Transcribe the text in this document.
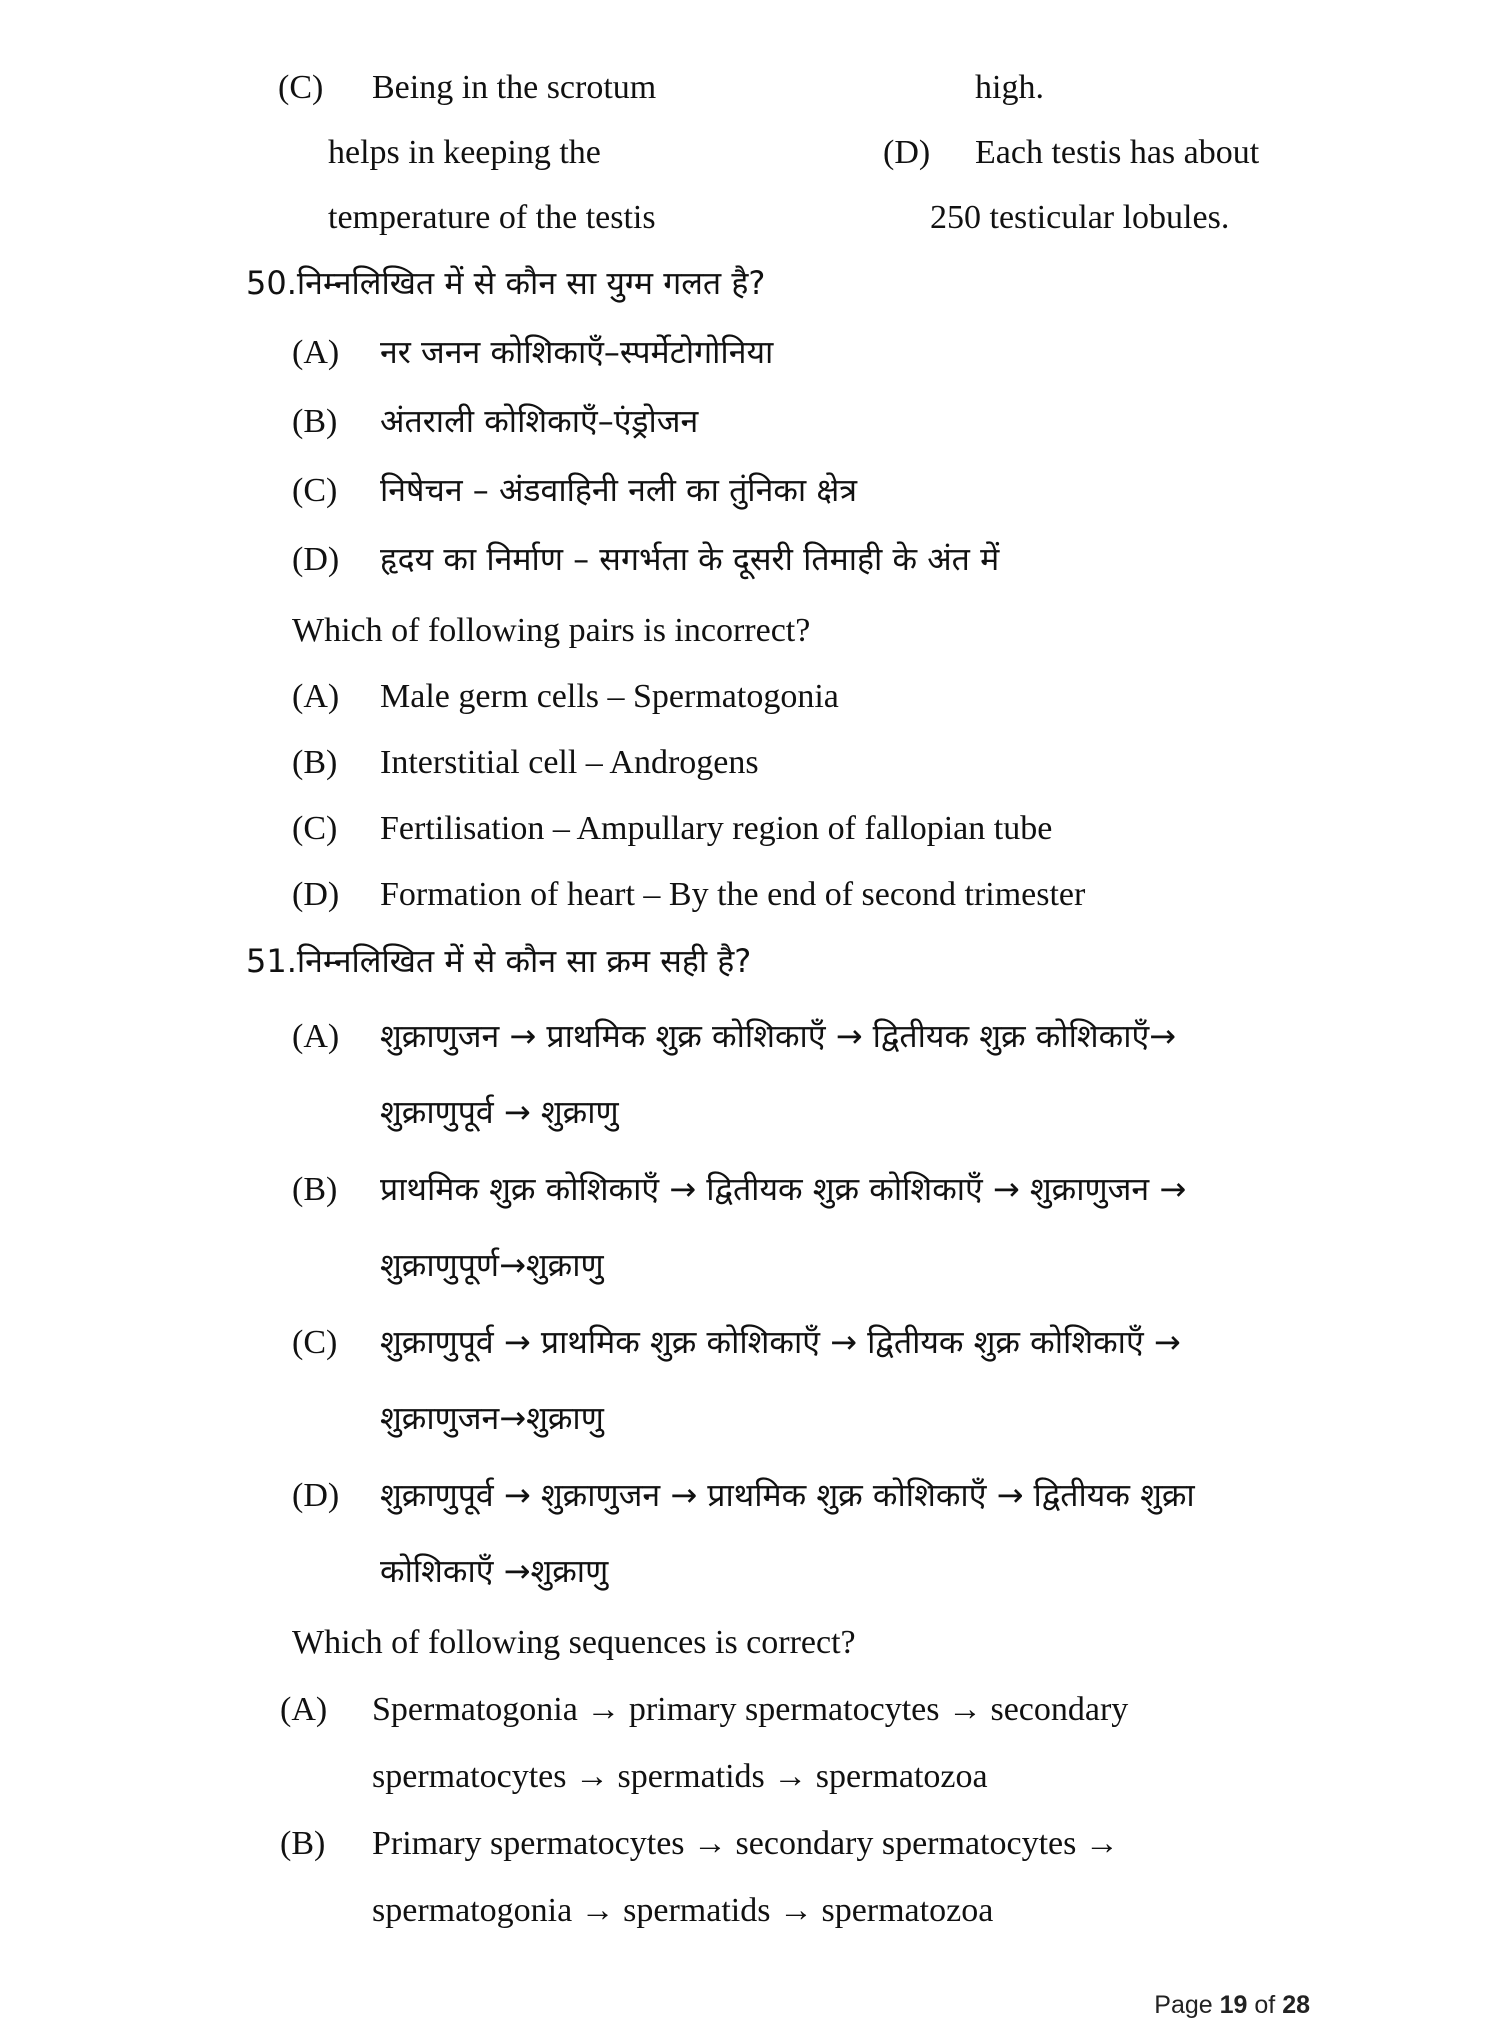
(C) Being in the scrotum	high.
helps in keeping the	(D) Each testis has about
temperature of the testis	250 testicular lobules.
50.निम्नलिखित में से कौन सा युग्म गलत है?
(A) नर जनन कोशिकाएँ–स्पर्मेटोगोनिया
(B) अंतराली कोशिकाएँ–एंड्रोजन
(C) निषेचन – अंडवाहिनी नली का तुंनिका क्षेत्र
(D) हृदय का निर्माण – सगर्भता के दूसरी तिमाही के अंत में
Which of following pairs is incorrect?
(A) Male germ cells – Spermatogonia
(B) Interstitial cell – Androgens
(C) Fertilisation – Ampullary region of fallopian tube
(D) Formation of heart – By the end of second trimester
51.निम्नलिखित में से कौन सा क्रम सही है?
(A) शुक्राणुजन → प्राथमिक शुक्र कोशिकाएँ → द्वितीयक शुक्र कोशिकाएँ→
शुक्राणुपूर्व → शुक्राणु
(B) प्राथमिक शुक्र कोशिकाएँ → द्वितीयक शुक्र कोशिकाएँ → शुक्राणुजन →
शुक्राणुपूर्ण→शुक्राणु
(C) शुक्राणुपूर्व → प्राथमिक शुक्र कोशिकाएँ → द्वितीयक शुक्र कोशिकाएँ →
शुक्राणुजन→शुक्राणु
(D) शुक्राणुपूर्व → शुक्राणुजन → प्राथमिक शुक्र कोशिकाएँ → द्वितीयक शुक्रा
कोशिकाएँ →शुक्राणु
Which of following sequences is correct?
(A) Spermatogonia → primary spermatocytes → secondary
spermatocytes → spermatids → spermatozoa
(B) Primary spermatocytes → secondary spermatocytes →
spermatogonia → spermatids → spermatozoa
Page 19 of 28
